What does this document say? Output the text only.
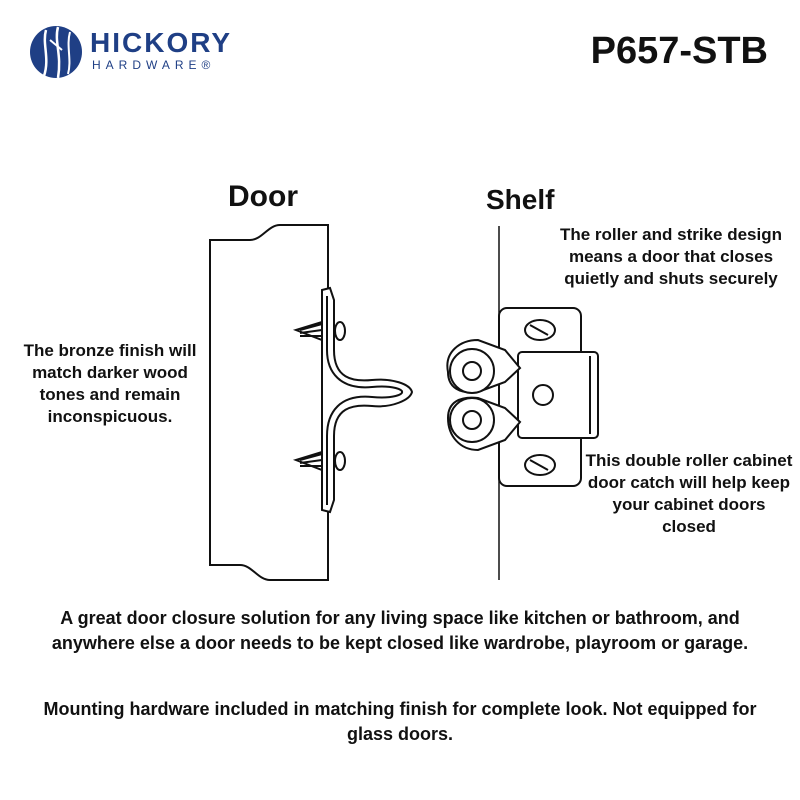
HICKORY
HARDWARE®	P657-STB
Door	Shelf
The roller and strike design means a door that closes quietly and shuts securely
The bronze finish will match darker wood tones and remain inconspicuous.
This double roller cabinet door catch will help keep your cabinet doors closed
A great door closure solution for any living space like kitchen or bathroom, and anywhere else a door needs to be kept closed like wardrobe, playroom or garage.
Mounting hardware included in matching finish for complete look. Not equipped for glass doors.
